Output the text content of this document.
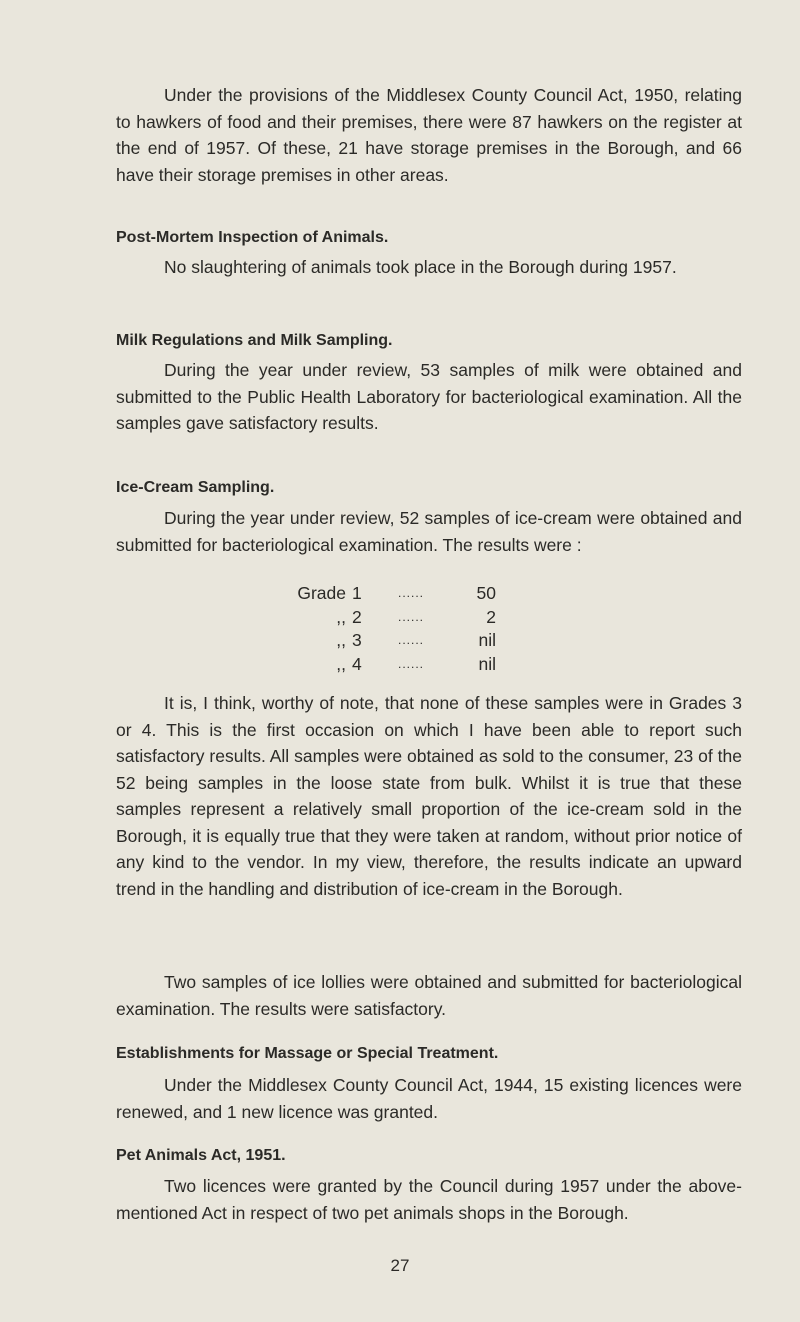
Under the provisions of the Middlesex County Council Act, 1950, relating to hawkers of food and their premises, there were 87 hawkers on the register at the end of 1957. Of these, 21 have storage premises in the Borough, and 66 have their storage premises in other areas.

Post-Mortem Inspection of Animals.

No slaughtering of animals took place in the Borough during 1957.

Milk Regulations and Milk Sampling.

During the year under review, 53 samples of milk were obtained and submitted to the Public Health Laboratory for bacteriological examination. All the samples gave satisfactory results.

Ice-Cream Sampling.

During the year under review, 52 samples of ice-cream were obtained and submitted for bacteriological examination. The results were :

Grade	1	......	50
,,	2	......	2
,,	3	......	nil
,,	4	......	nil

It is, I think, worthy of note, that none of these samples were in Grades 3 or 4. This is the first occasion on which I have been able to report such satisfactory results. All samples were obtained as sold to the consumer, 23 of the 52 being samples in the loose state from bulk. Whilst it is true that these samples represent a relatively small proportion of the ice-cream sold in the Borough, it is equally true that they were taken at random, without prior notice of any kind to the vendor. In my view, therefore, the results indicate an upward trend in the handling and distribution of ice-cream in the Borough.

Two samples of ice lollies were obtained and submitted for bacteriological examination. The results were satisfactory.

Establishments for Massage or Special Treatment.

Under the Middlesex County Council Act, 1944, 15 existing licences were renewed, and 1 new licence was granted.

Pet Animals Act, 1951.

Two licences were granted by the Council during 1957 under the above-mentioned Act in respect of two pet animals shops in the Borough.

27
